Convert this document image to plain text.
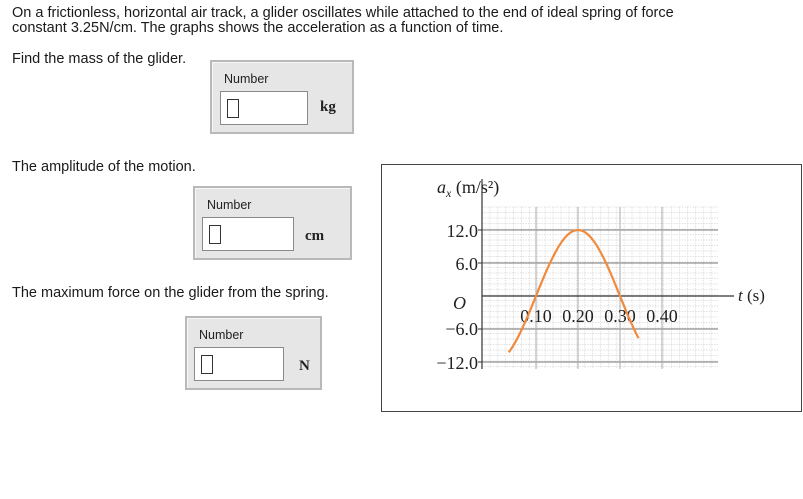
On a frictionless, horizontal air track, a glider oscillates while attached to the end of ideal spring of force
constant 3.25N/cm. The graphs shows the acceleration as a function of time.
Find the mass of the glider.
Number
kg
The amplitude of the motion.
Number
cm
The maximum force on the glider from the spring.
Number
N
$a_x$ (m/s²)
t (s)
12.0
6.0
O
−6.0
−12.0
0.10 0.20 0.30 0.40
